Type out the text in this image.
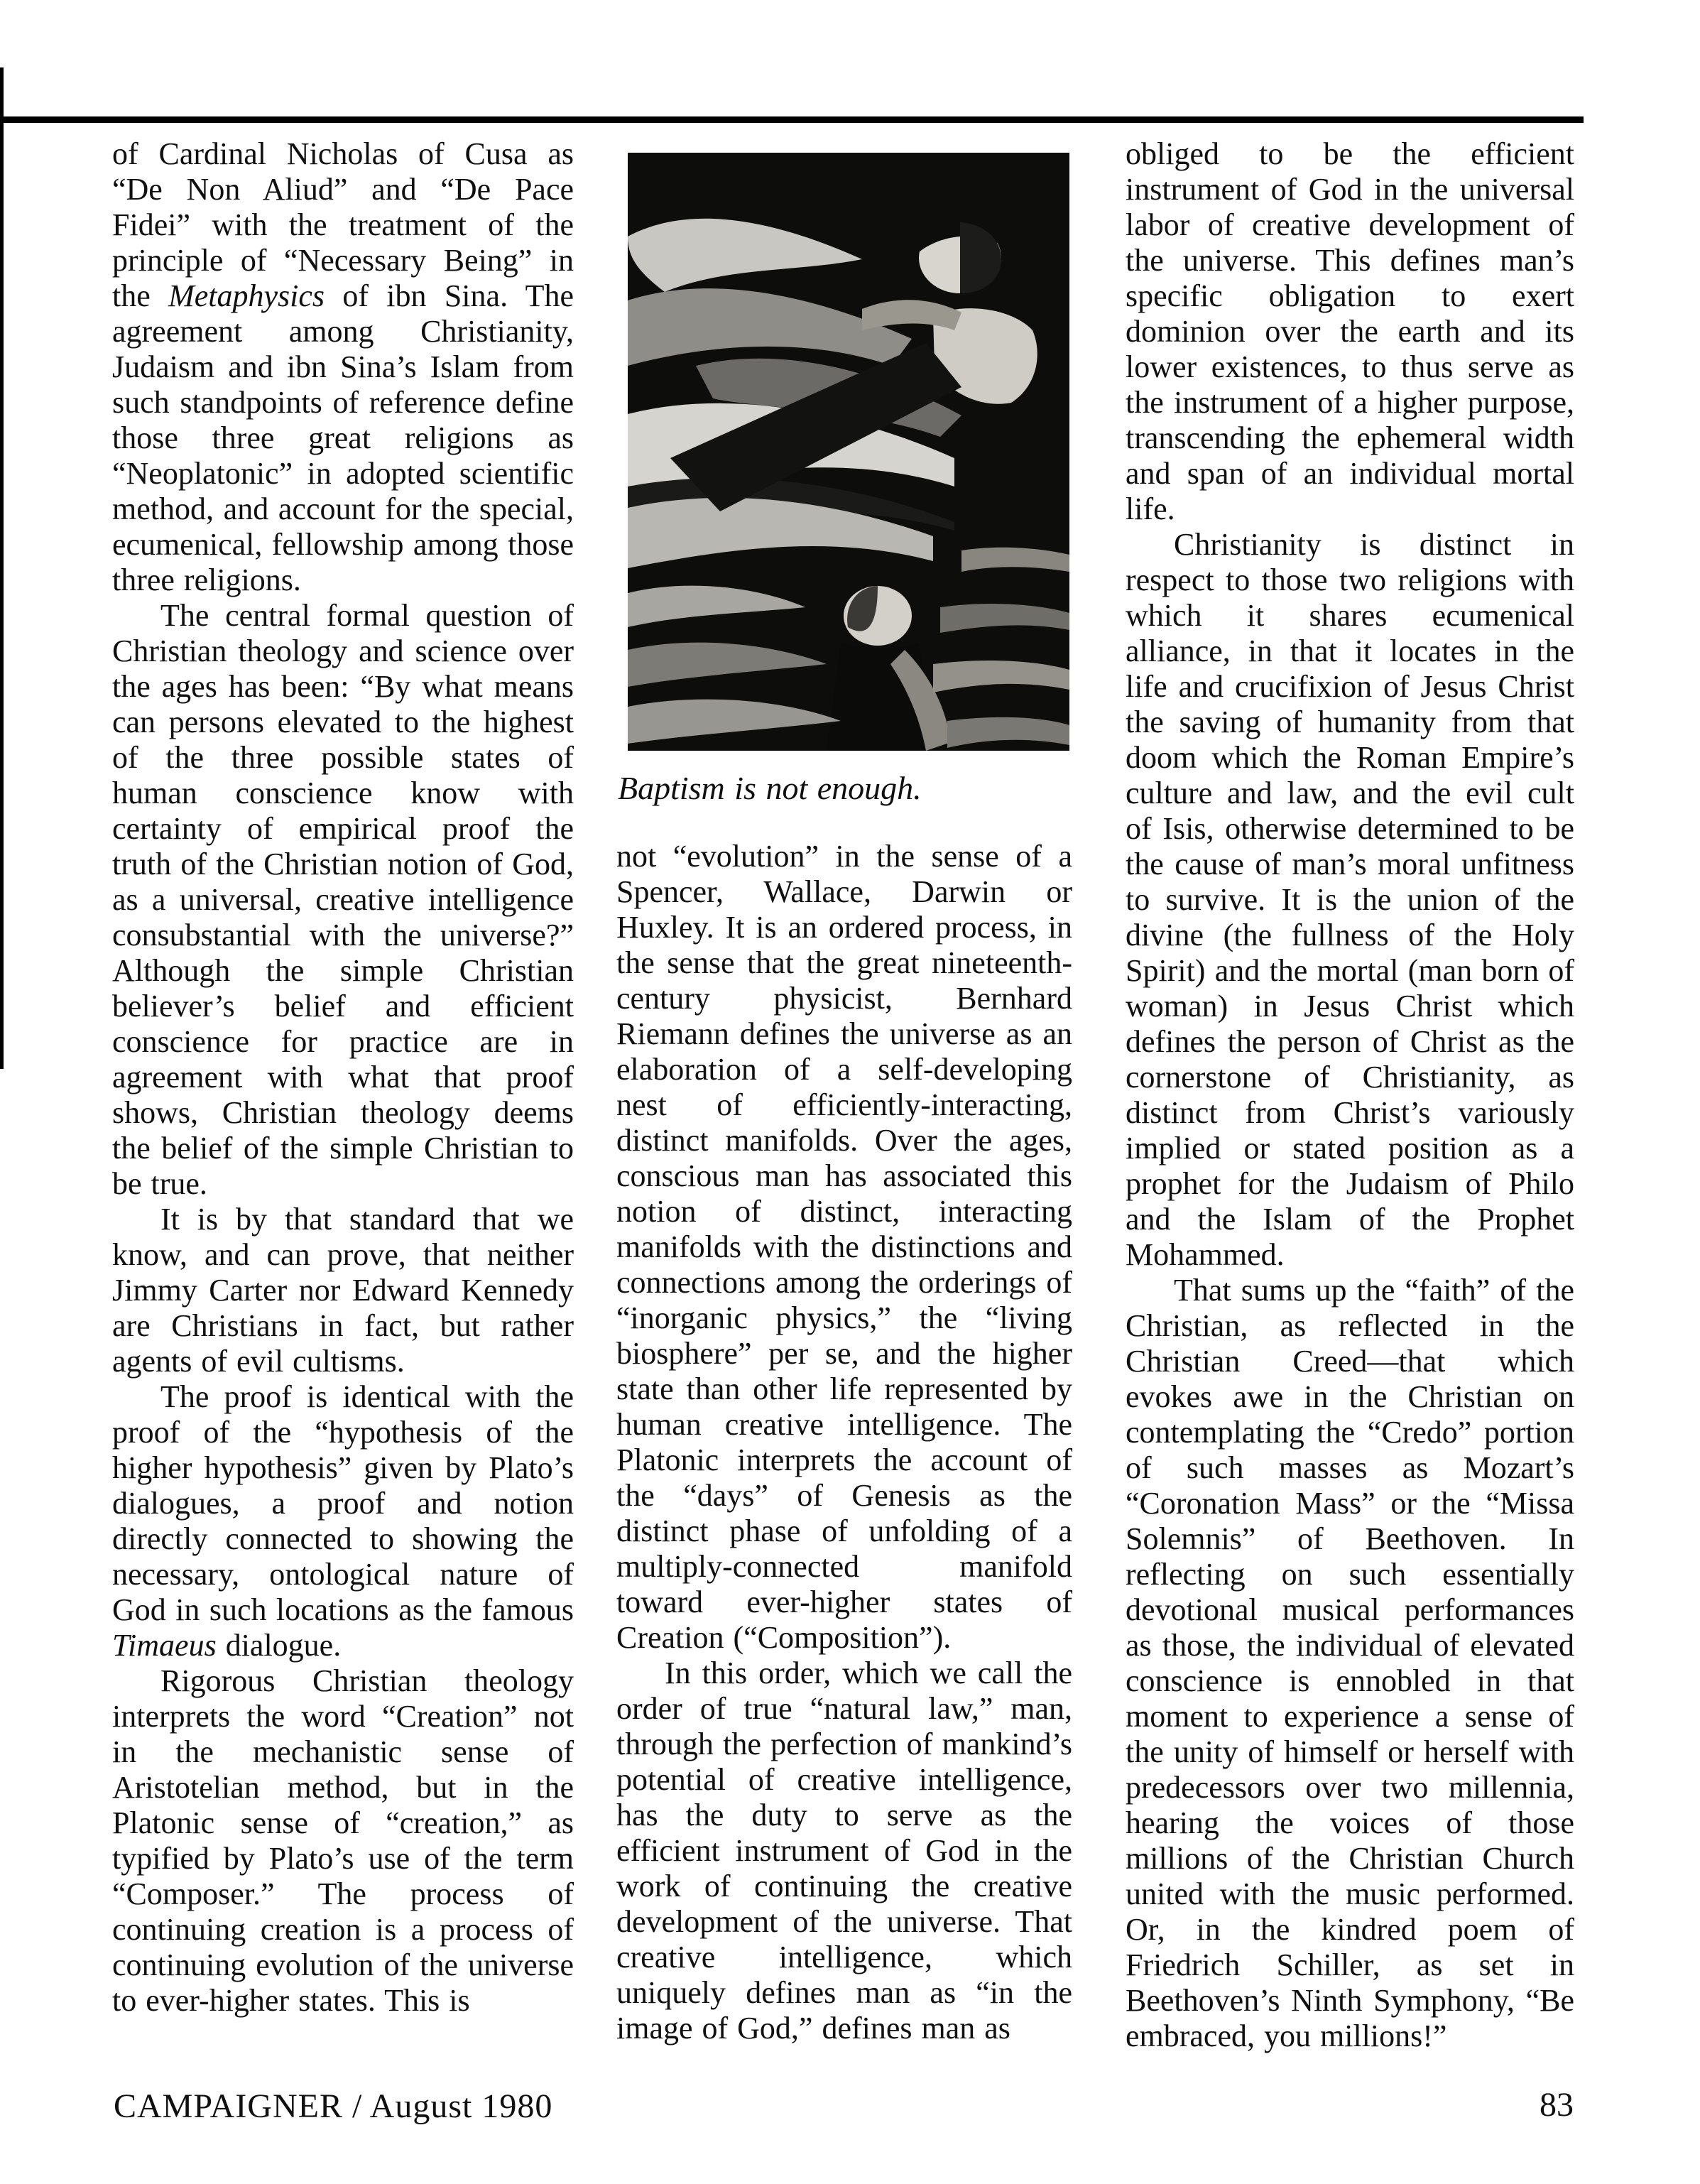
of Cardinal Nicholas of Cusa as “De Non Aliud” and “De Pace Fidei” with the treatment of the principle of “Necessary Being” in the Metaphysics of ibn Sina. The agreement among Christianity, Judaism and ibn Sina’s Islam from such standpoints of reference define those three great religions as “Neoplatonic” in adopted scientific method, and account for the special, ecumenical, fellowship among those three religions.

The central formal question of Christian theology and science over the ages has been: “By what means can persons elevated to the highest of the three possible states of human conscience know with certainty of empirical proof the truth of the Christian notion of God, as a universal, creative intelligence consubstantial with the universe?” Although the simple Christian believer’s belief and efficient conscience for practice are in agreement with what that proof shows, Christian theology deems the belief of the simple Christian to be true.

It is by that standard that we know, and can prove, that neither Jimmy Carter nor Edward Kennedy are Christians in fact, but rather agents of evil cultisms.

The proof is identical with the proof of the “hypothesis of the higher hypothesis” given by Plato’s dialogues, a proof and notion directly connected to showing the necessary, ontological nature of God in such locations as the famous Timaeus dialogue.

Rigorous Christian theology interprets the word “Creation” not in the mechanistic sense of Aristotelian method, but in the Platonic sense of “creation,” as typified by Plato’s use of the term “Composer.” The process of continuing creation is a process of continuing evolution of the universe to ever-higher states. This is

Baptism is not enough.

not “evolution” in the sense of a Spencer, Wallace, Darwin or Huxley. It is an ordered process, in the sense that the great nineteenth-century physicist, Bernhard Riemann defines the universe as an elaboration of a self-developing nest of efficiently-interacting, distinct manifolds. Over the ages, conscious man has associated this notion of distinct, interacting manifolds with the distinctions and connections among the orderings of “inorganic physics,” the “living biosphere” per se, and the higher state than other life represented by human creative intelligence. The Platonic interprets the account of the “days” of Genesis as the distinct phase of unfolding of a multiply-connected manifold toward ever-higher states of Creation (“Composition”).

In this order, which we call the order of true “natural law,” man, through the perfection of mankind’s potential of creative intelligence, has the duty to serve as the efficient instrument of God in the work of continuing the creative development of the universe. That creative intelligence, which uniquely defines man as “in the image of God,” defines man as

obliged to be the efficient instrument of God in the universal labor of creative development of the universe. This defines man’s specific obligation to exert dominion over the earth and its lower existences, to thus serve as the instrument of a higher purpose, transcending the ephemeral width and span of an individual mortal life.

Christianity is distinct in respect to those two religions with which it shares ecumenical alliance, in that it locates in the life and crucifixion of Jesus Christ the saving of humanity from that doom which the Roman Empire’s culture and law, and the evil cult of Isis, otherwise determined to be the cause of man’s moral unfitness to survive. It is the union of the divine (the fullness of the Holy Spirit) and the mortal (man born of woman) in Jesus Christ which defines the person of Christ as the cornerstone of Christianity, as distinct from Christ’s variously implied or stated position as a prophet for the Judaism of Philo and the Islam of the Prophet Mohammed.

That sums up the “faith” of the Christian, as reflected in the Christian Creed—that which evokes awe in the Christian on contemplating the “Credo” portion of such masses as Mozart’s “Coronation Mass” or the “Missa Solemnis” of Beethoven. In reflecting on such essentially devotional musical performances as those, the individual of elevated conscience is ennobled in that moment to experience a sense of the unity of himself or herself with predecessors over two millennia, hearing the voices of those millions of the Christian Church united with the music performed. Or, in the kindred poem of Friedrich Schiller, as set in Beethoven’s Ninth Symphony, “Be embraced, you millions!”

CAMPAIGNER / August 1980	83
